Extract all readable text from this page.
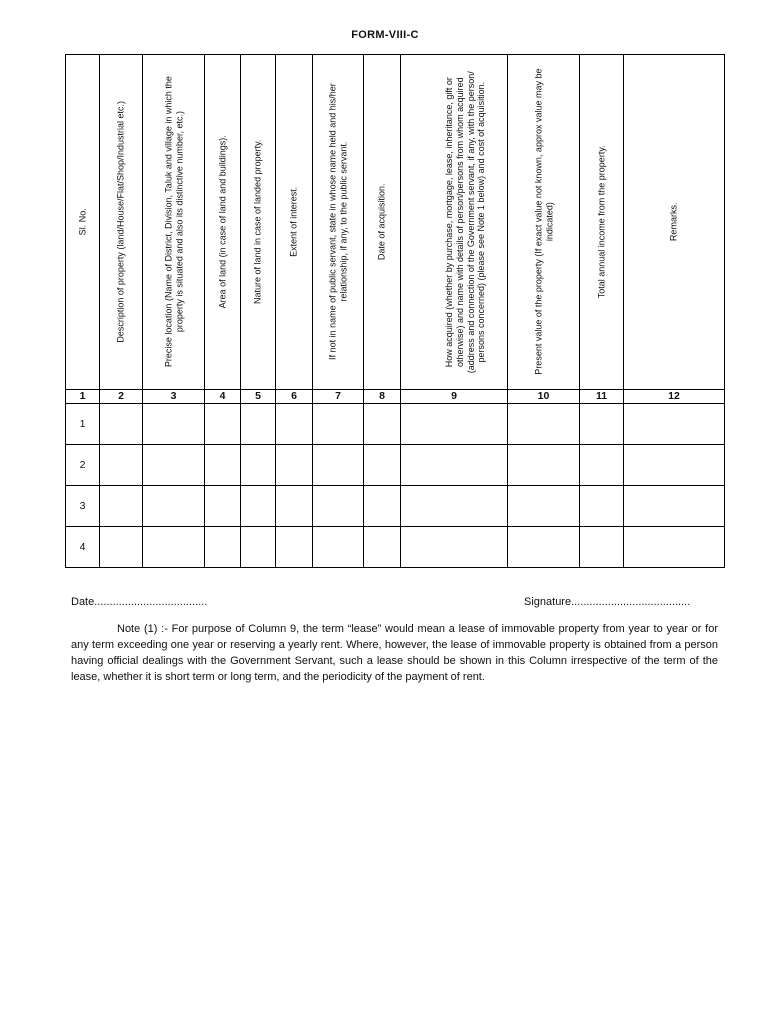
FORM-VIII-C
Sl. No.	Description of property (land/House/Flat/Shop/Industrial etc.)	Precise location (Name of District, Division, Taluk and village in which the property is situated and also its distinctive number, etc.)	Area of land (in case of land and buildings).	Nature of land in case of landed property.	Extent of interest.	If not in name of public servant, state in whose name held and his/her relationship, if any, to the public servant.	Date of acquisition.	How acquired (whether by purchase, mortgage, lease, inheritance, gift or otherwise) and name with details of person/persons from whom acquired (address and connection of the Government servant, if any, with the person/ persons concerned) (please see Note 1 below) and cost of acquisition.	Present value of the property (If exact value not known, approx value may be indicated)	Total annual income from the property.	Remarks.

1	2	3	4	5	6	7	8	9	10	11	12
1											
2											
3											
4											
Date.....................................	Signature.......................................
Note (1) :- For purpose of Column 9, the term “lease” would mean a lease of immovable property from year to year or for any term exceeding one year or reserving a yearly rent. Where, however, the lease of immovable property is obtained from a person having official dealings with the Government Servant, such a lease should be shown in this Column irrespective of the term of the lease, whether it is short term or long term, and the periodicity of the payment of rent.
